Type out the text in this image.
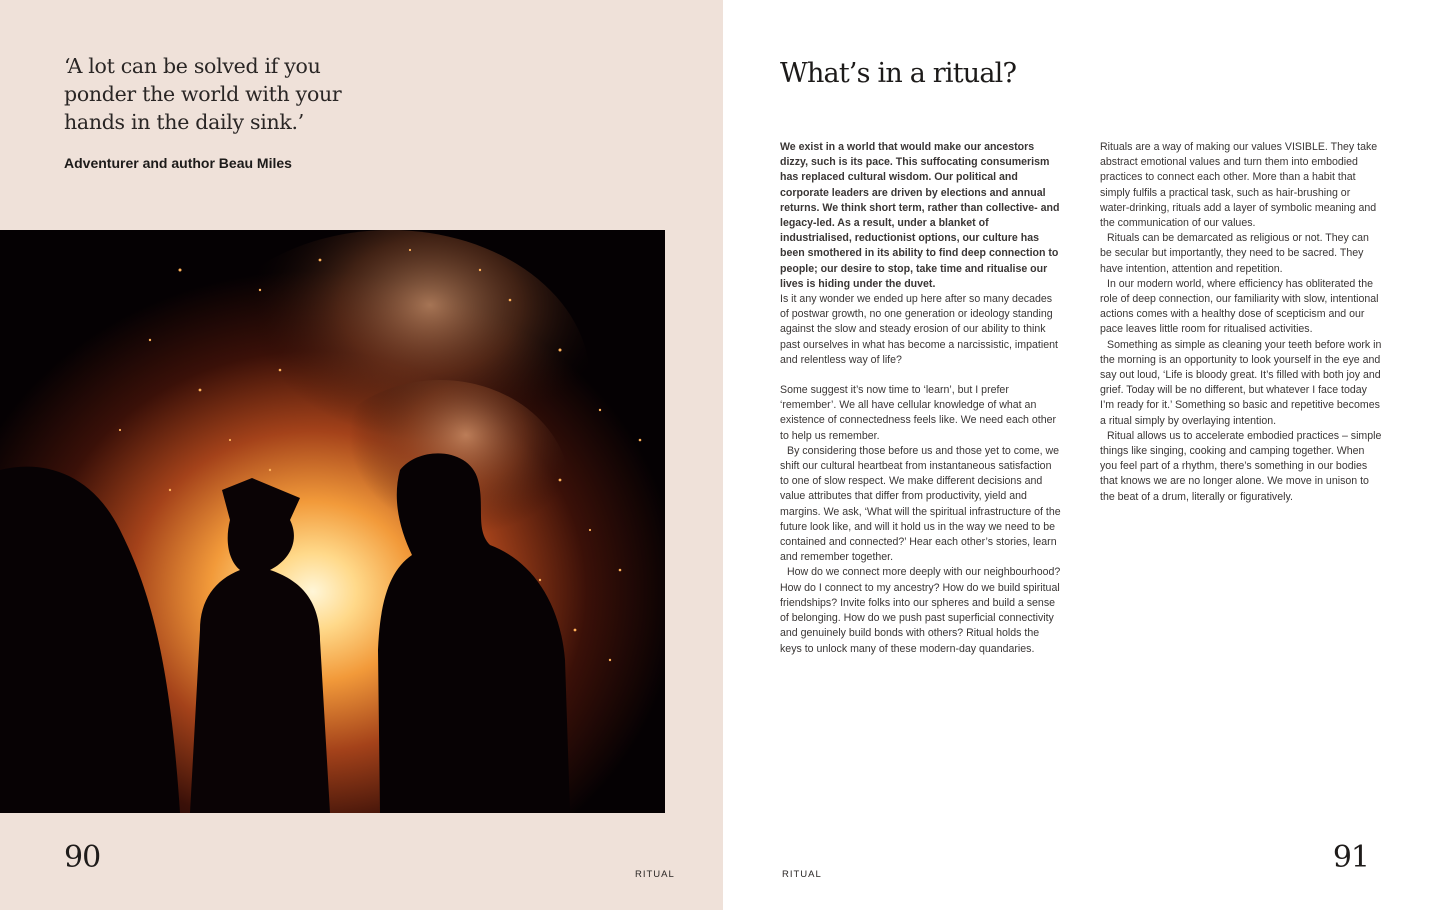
‘A lot can be solved if you ponder the world with your hands in the daily sink.’

Adventurer and author Beau Miles

90	RITUAL
What’s in a ritual?

We exist in a world that would make our ancestors dizzy, such is its pace. This suffocating consumerism has replaced cultural wisdom. Our political and corporate leaders are driven by elections and annual returns. We think short term, rather than collective- and legacy-led. As a result, under a blanket of industrialised, reductionist options, our culture has been smothered in its ability to find deep connection to people; our desire to stop, take time and ritualise our lives is hiding under the duvet.

Is it any wonder we ended up here after so many decades of postwar growth, no one generation or ideology standing against the slow and steady erosion of our ability to think past ourselves in what has become a narcissistic, impatient and relentless way of life?

Some suggest it’s now time to ‘learn’, but I prefer ‘remember’. We all have cellular knowledge of what an existence of connectedness feels like. We need each other to help us remember.

By considering those before us and those yet to come, we shift our cultural heartbeat from instantaneous satisfaction to one of slow respect. We make different decisions and value attributes that differ from productivity, yield and margins. We ask, ‘What will the spiritual infrastructure of the future look like, and will it hold us in the way we need to be contained and connected?’ Hear each other’s stories, learn and remember together.

How do we connect more deeply with our neighbourhood? How do I connect to my ancestry? How do we build spiritual friendships? Invite folks into our spheres and build a sense of belonging. How do we push past superficial connectivity and genuinely build bonds with others? Ritual holds the keys to unlock many of these modern-day quandaries.

Rituals are a way of making our values VISIBLE. They take abstract emotional values and turn them into embodied practices to connect each other. More than a habit that simply fulfils a practical task, such as hair-brushing or water-drinking, rituals add a layer of symbolic meaning and the communication of our values.

Rituals can be demarcated as religious or not. They can be secular but importantly, they need to be sacred. They have intention, attention and repetition.

In our modern world, where efficiency has obliterated the role of deep connection, our familiarity with slow, intentional actions comes with a healthy dose of scepticism and our pace leaves little room for ritualised activities.

Something as simple as cleaning your teeth before work in the morning is an opportunity to look yourself in the eye and say out loud, ‘Life is bloody great. It’s filled with both joy and grief. Today will be no different, but whatever I face today I’m ready for it.’ Something so basic and repetitive becomes a ritual simply by overlaying intention.

Ritual allows us to accelerate embodied practices – simple things like singing, cooking and camping together. When you feel part of a rhythm, there’s something in our bodies that knows we are no longer alone. We move in unison to the beat of a drum, literally or figuratively.

RITUAL	91
